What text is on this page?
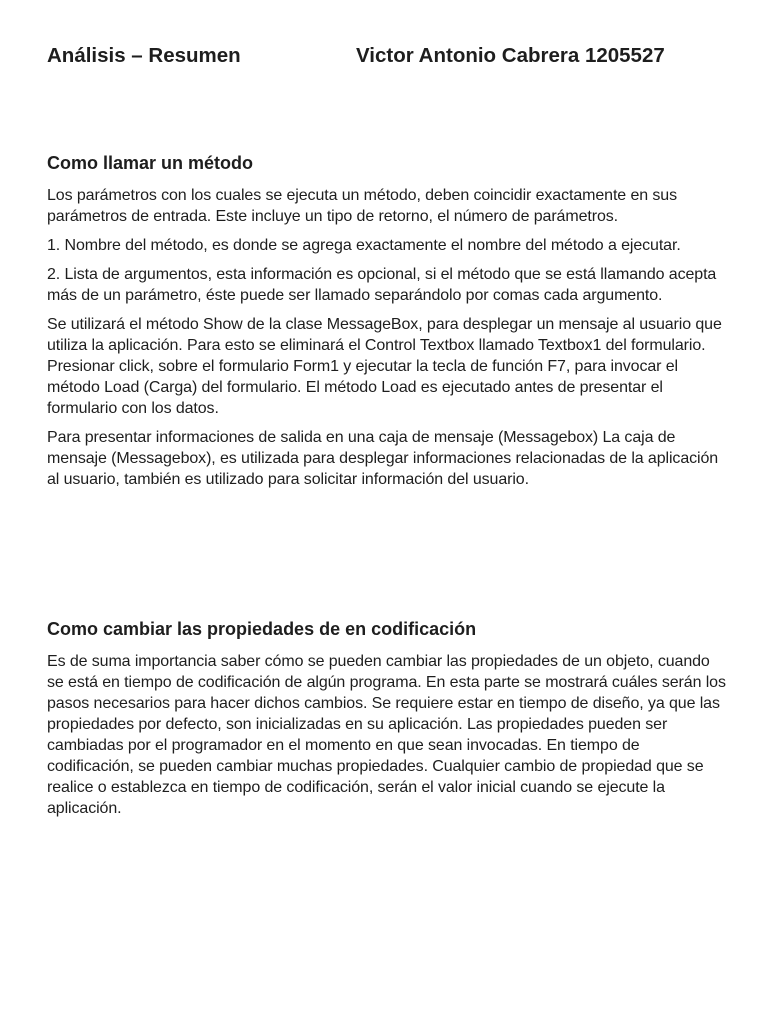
Análisis – Resumen	Victor Antonio Cabrera 1205527
Como llamar un método

Los parámetros con los cuales se ejecuta un método, deben coincidir exactamente en sus parámetros de entrada. Este incluye un tipo de retorno, el número de parámetros.

1. Nombre del método, es donde se agrega exactamente el nombre del método a ejecutar.

2. Lista de argumentos, esta información es opcional, si el método que se está llamando acepta más de un parámetro, éste puede ser llamado separándolo por comas cada argumento.

Se utilizará el método Show de la clase MessageBox, para desplegar un mensaje al usuario que utiliza la aplicación. Para esto se eliminará el Control Textbox llamado Textbox1 del formulario. Presionar click, sobre el formulario Form1 y ejecutar la tecla de función F7, para invocar el método Load (Carga) del formulario. El método Load es ejecutado antes de presentar el formulario con los datos.

Para presentar informaciones de salida en una caja de mensaje (Messagebox) La caja de mensaje (Messagebox), es utilizada para desplegar informaciones relacionadas de la aplicación al usuario, también es utilizado para solicitar información del usuario.

Como cambiar las propiedades de en codificación

Es de suma importancia saber cómo se pueden cambiar las propiedades de un objeto, cuando se está en tiempo de codificación de algún programa. En esta parte se mostrará cuáles serán los pasos necesarios para hacer dichos cambios. Se requiere estar en tiempo de diseño, ya que las propiedades por defecto, son inicializadas en su aplicación. Las propiedades pueden ser cambiadas por el programador en el momento en que sean invocadas. En tiempo de codificación, se pueden cambiar muchas propiedades. Cualquier cambio de propiedad que se realice o establezca en tiempo de codificación, serán el valor inicial cuando se ejecute la aplicación.
